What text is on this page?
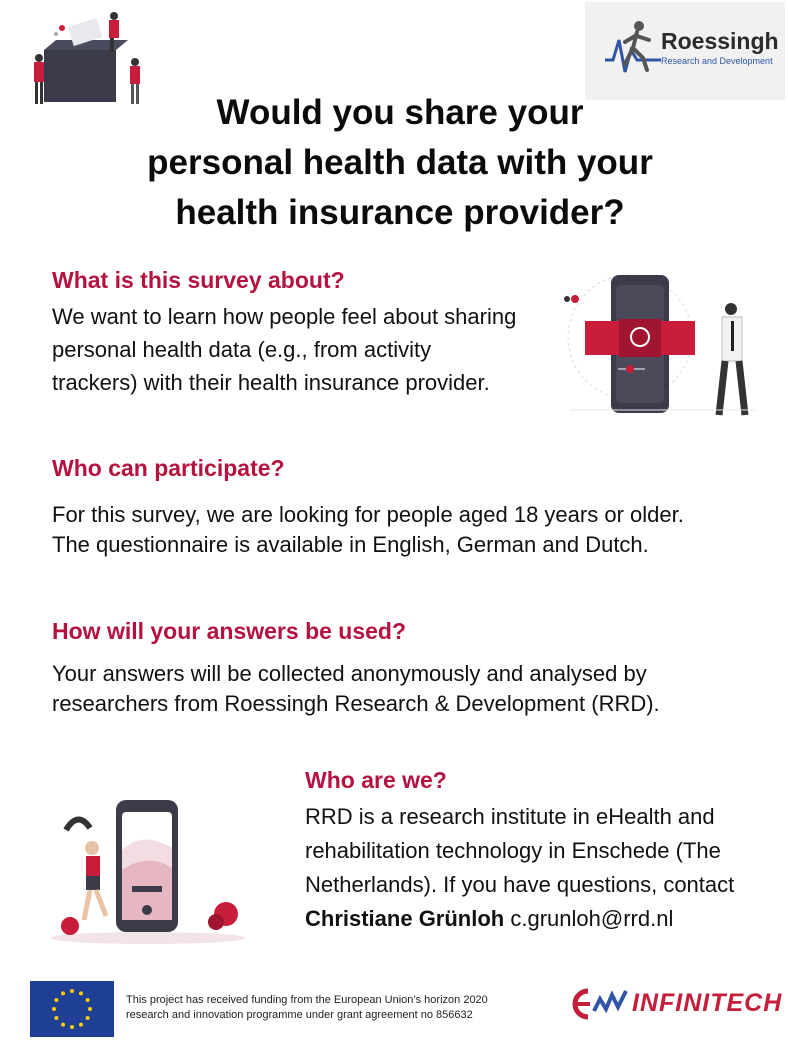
Roessingh
Research and Development
Would you share your
personal health data with your
health insurance provider?
What is this survey about?
We want to learn how people feel about sharing personal health data (e.g., from activity trackers) with their health insurance provider.
Who can participate?
For this survey, we are looking for people aged 18 years or older. The questionnaire is available in English, German and Dutch.
How will your answers be used?
Your answers will be collected anonymously and analysed by researchers from Roessingh Research & Development (RRD).
Who are we?
RRD is a research institute in eHealth and rehabilitation technology in Enschede (The Netherlands). If you have questions, contact Christiane Grünloh c.grunloh@rrd.nl
This project has received funding from the European Union’s horizon 2020
research and innovation programme under grant agreement no 856632	INFINITECH
